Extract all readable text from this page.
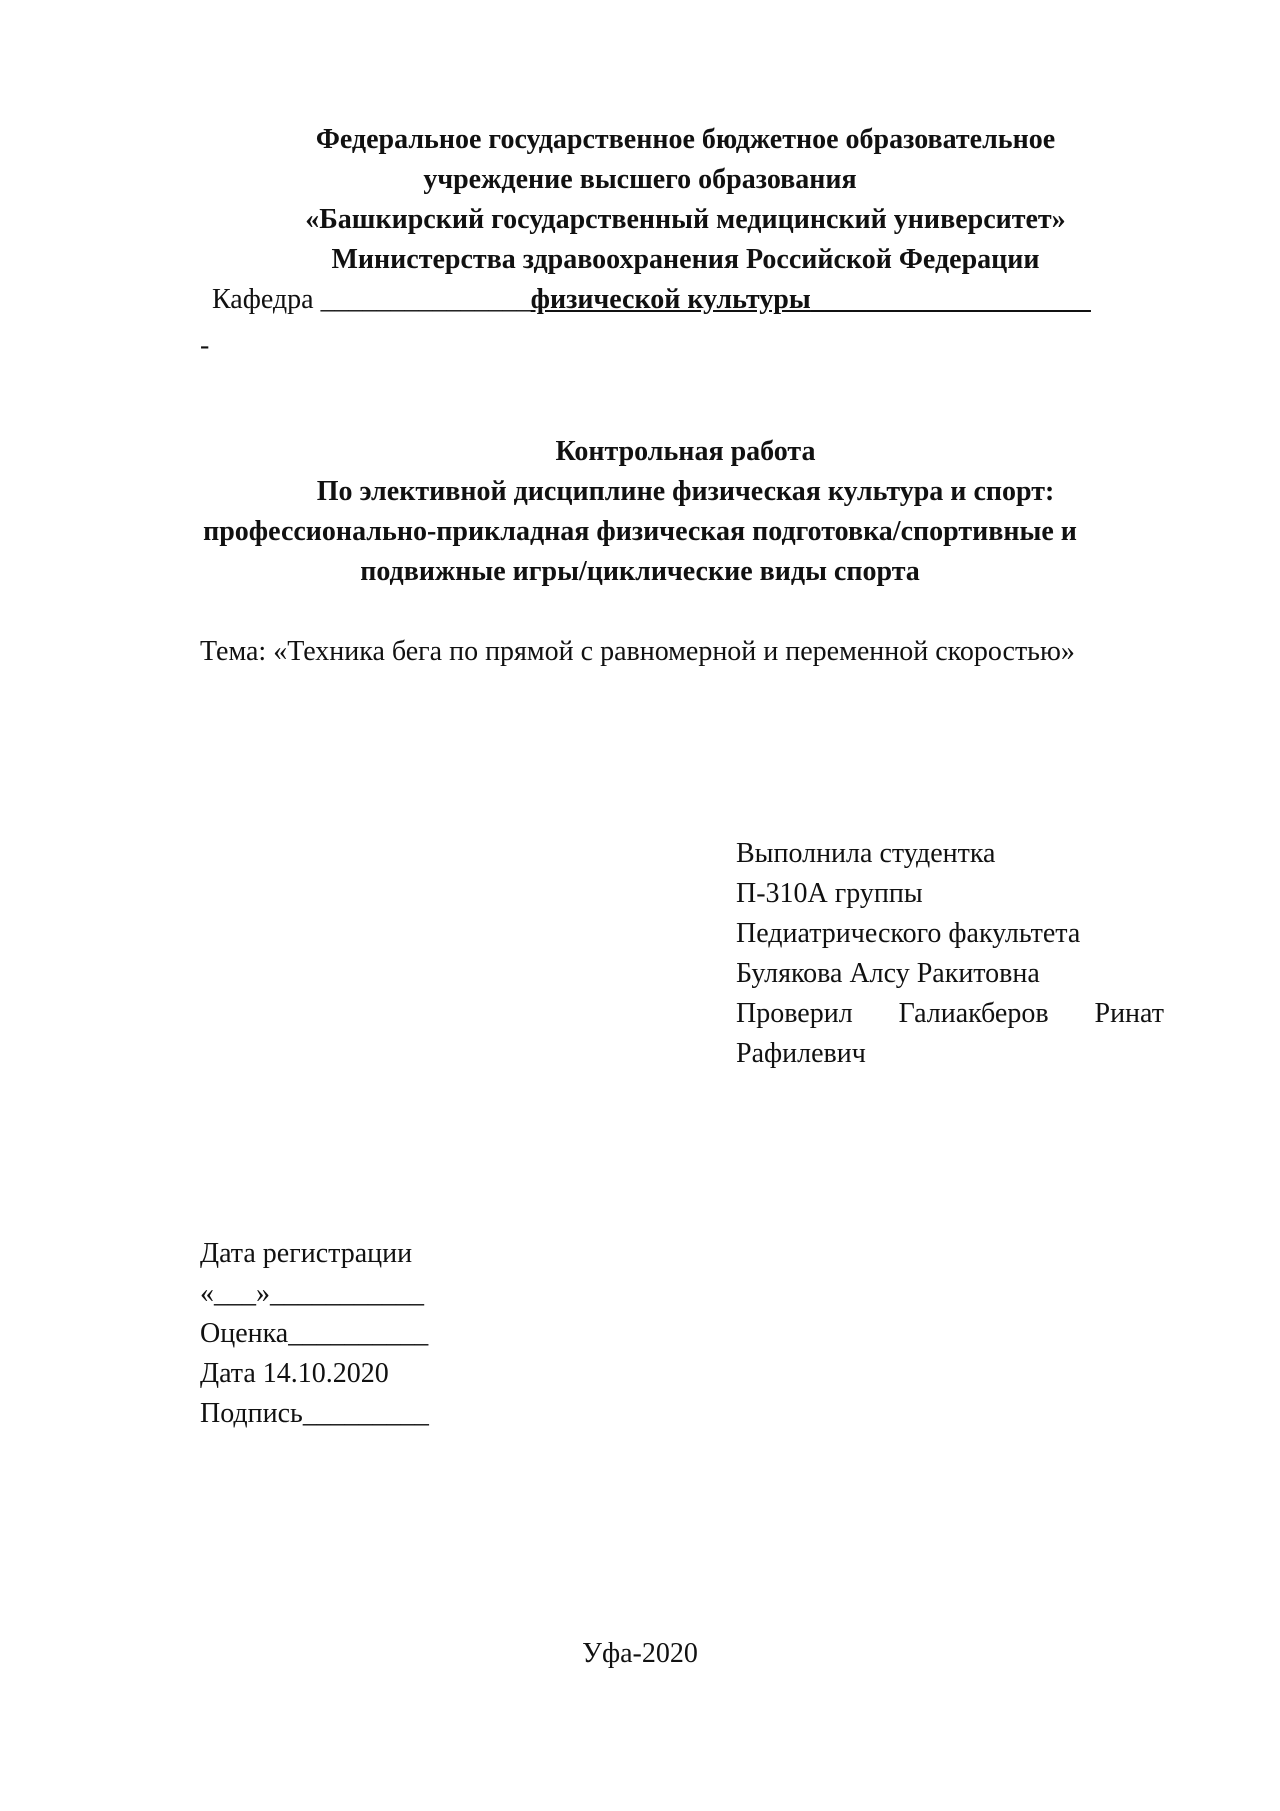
Федеральное государственное бюджетное образовательное
учреждение высшего образования
«Башкирский государственный медицинский университет»
Министерства здравоохранения Российской Федерации
Кафедра _______________физической культуры____________________
-
Контрольная работа
По элективной дисциплине физическая культура и спорт:
профессионально-прикладная физическая подготовка/спортивные и
подвижные игры/циклические виды спорта
Тема: «Техника бега по прямой с равномерной и переменной скоростью»
Выполнила студентка
П-310А группы
Педиатрического факультета
Булякова Алсу Ракитовна
Проверил Галиакберов Ринат
Рафилевич
Дата регистрации
«___»___________
Оценка__________
Дата 14.10.2020
Подпись_________
Уфа-2020
